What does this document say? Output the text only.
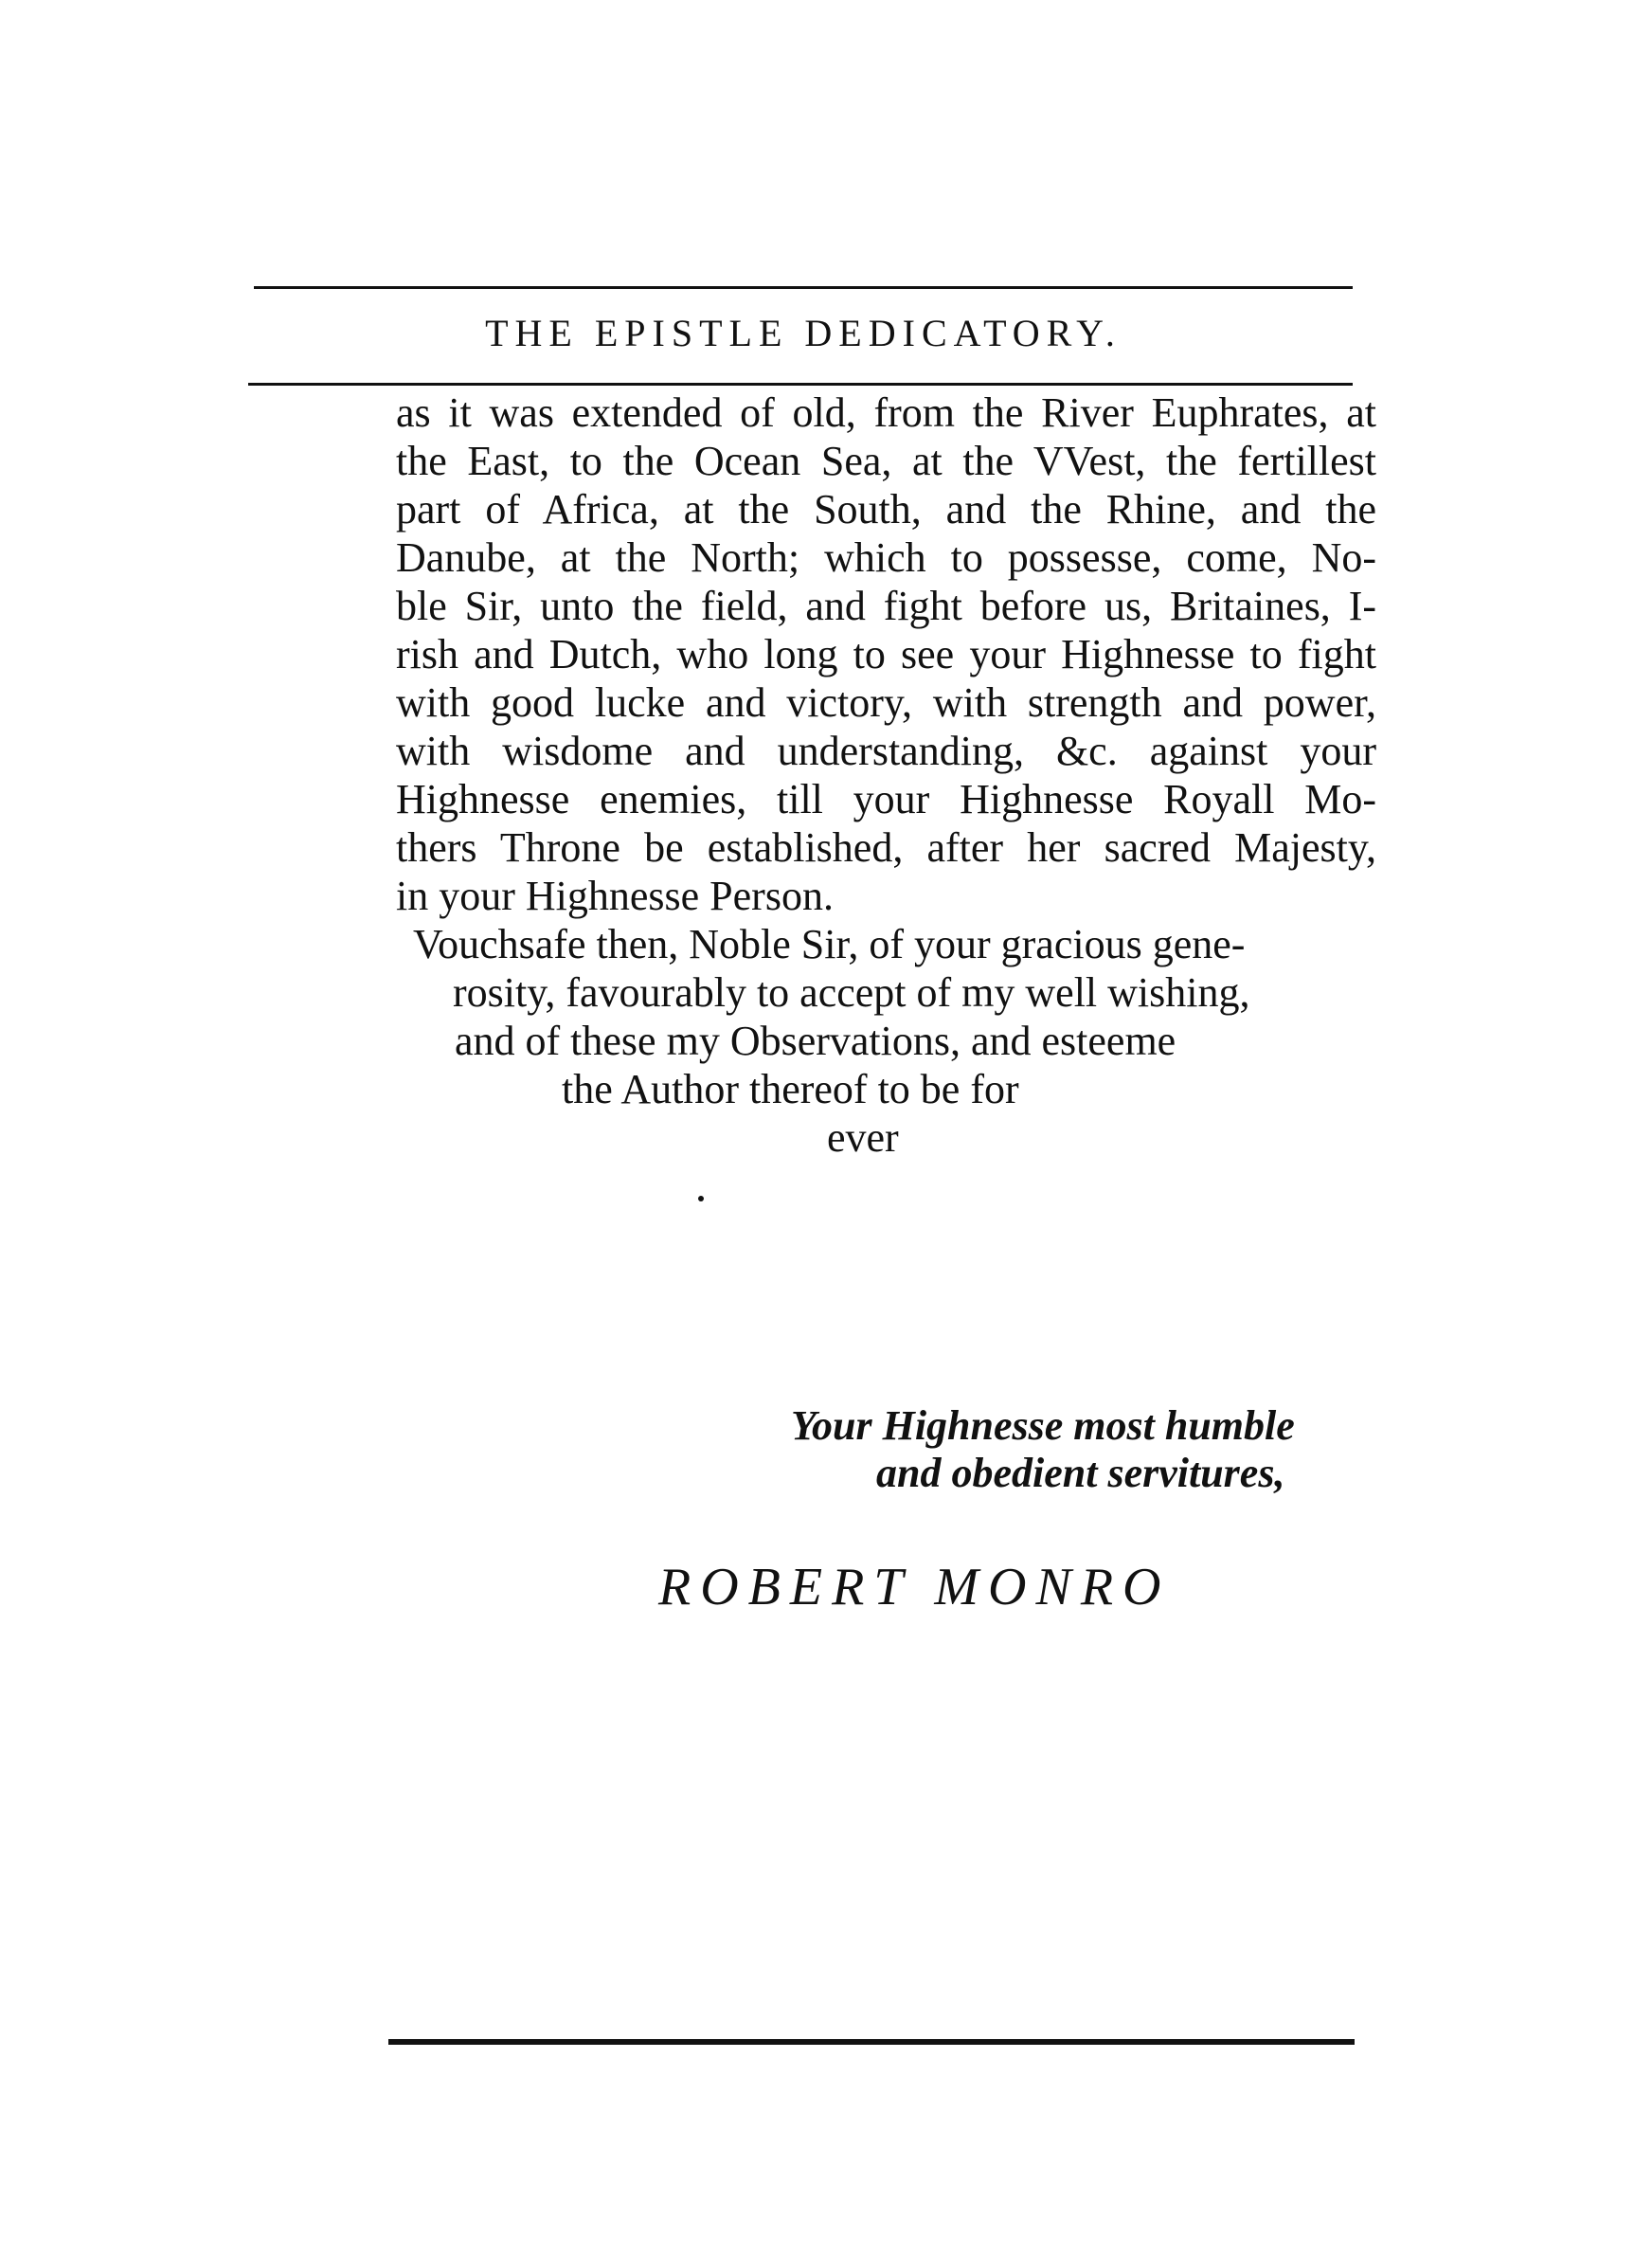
THE EPISTLE DEDICATORY.
as it was extended of old, from the River Euphrates, at
the East, to the Ocean Sea, at the VVest, the fertillest
part of Africa, at the South, and the Rhine, and the
Danube, at the North; which to possesse, come, No-
ble Sir, unto the field, and fight before us, Britaines, I-
rish and Dutch, who long to see your Highnesse to fight
with good lucke and victory, with strength and power,
with wisdome and understanding, &c. against your
Highnesse enemies, till your Highnesse Royall Mo-
thers Throne be established, after her sacred Majesty,
in your Highnesse Person.
Vouchsafe then, Noble Sir, of your gracious gene-
rosity, favourably to accept of my well wishing,
and of these my Observations, and esteeme
the Author thereof to be for
ever
Your Highnesse most humble
and obedient servitures,
ROBERT MONRO
